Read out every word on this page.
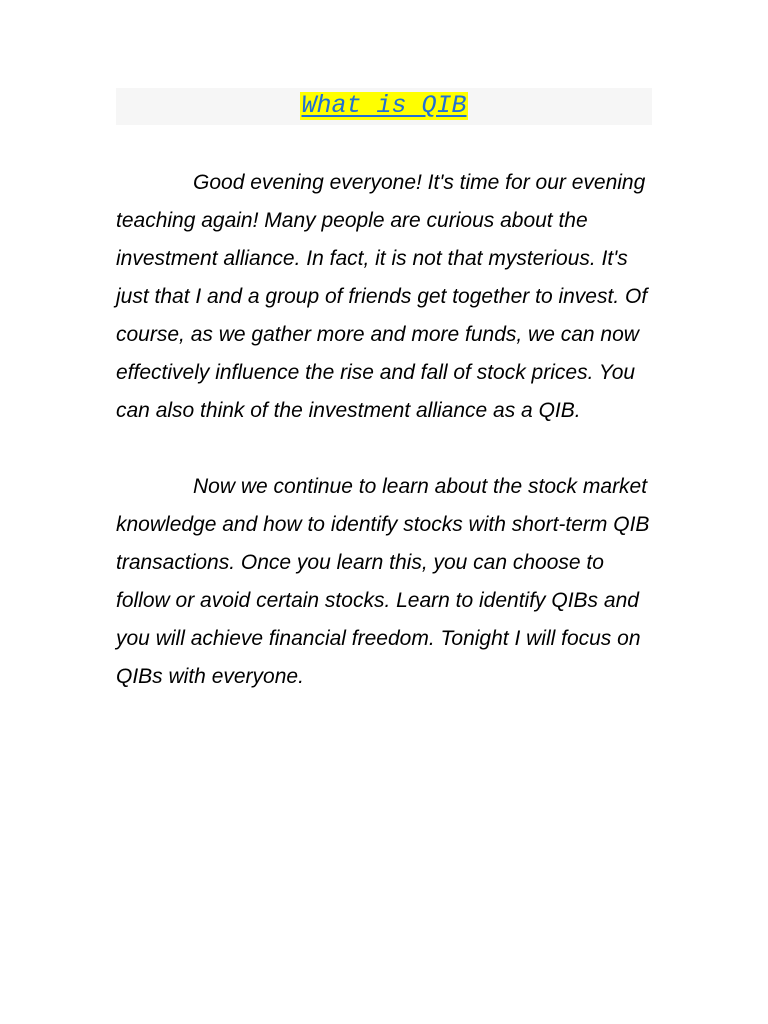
What is QIB

Good evening everyone! It's time for our evening teaching again! Many people are curious about the investment alliance. In fact, it is not that mysterious. It's just that I and a group of friends get together to invest. Of course, as we gather more and more funds, we can now effectively influence the rise and fall of stock prices. You can also think of the investment alliance as a QIB.

Now we continue to learn about the stock market knowledge and how to identify stocks with short-term QIB transactions. Once you learn this, you can choose to follow or avoid certain stocks. Learn to identify QIBs and you will achieve financial freedom. Tonight I will focus on QIBs with everyone.
